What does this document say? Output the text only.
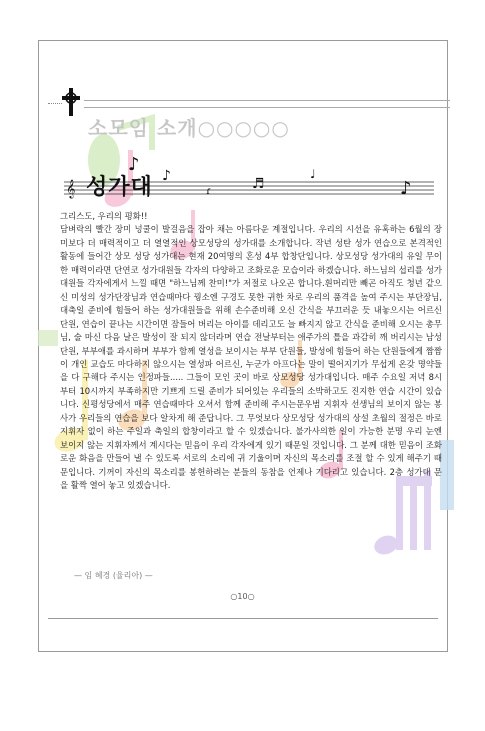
소모임 소개○○○○○
𝄞
♪
♪
ɾ	♬
♩
♪
성가대

그리스도, 우리의 평화!!

담벼락의 빨간 장미 넝쿨이 발걸음을 잡아 채는 아름다운 계절입니다. 우리의 시선을 유혹하는 6월의 장미보다 더 매력적이고 더 열열적인 상모성당의 성가대를 소개합니다. 작년 성탄 성가 연습으로 본격적인 활동에 들어간 상모 성당 성가대는 현재 20여명의 혼성 4부 합창단입니다. 상모성당 성가대의 유일 무이한 매력이라면 단연코 성가대원들 각자의 다양하고 조화로운 모습이라 하겠습니다. 하느님의 섭리를 성가대원들 각자에게서 느낄 때면 "하느님께 찬미!"가 저절로 나오곤 합니다.흰머리만 빼곤 아직도 청년 같으신 미성의 성가단장님과 연습때마다 꿩소엔 구경도 못한 귀한 차로 우리의 품격을 높여 주시는 부단장님, 대축일 준비에 힘들어 하는 성가대원들을 위해 손수준비해 오신 간식을 부끄러운 듯 내놓으시는 어르신 단원, 연습이 끝나는 시간이면 잠들어 버리는 아이를 데리고도 늘 빠지지 않고 간식을 준비해 오시는 총무님, 술 마신 다음 날은 발성이 잘 되지 않더라며 연습 전날부터는 애주가의 틀을 과감히 깨 버리시는 남성 단원, 부부애를 과시하며 부부가 함께 열성을 보이시는 부부 단원들, 발성에 힘들어 하는 단원들에게 짬짬이 개인 교습도 마다하지 않으시는 열성파 어르신, 누군가 아프다는 말이 떨어지기가 무섭게 온갖 명약들을 다 구해다 주시는 인정파들..... 그들이 모인 곳이 바로 상모성당 성가대입니다. 매주 수요일 저녁 8시부터 10시까지 부족하지만 기쁘게 드릴 준비가 되어있는 우리들의 소박하고도 진지한 연습 시간이 있습니다. 신평성당에서 매주 연습때마다 오셔서 함께 준비해 주시는문우범 지휘자 선생님의 보이지 않는 봉사가 우리들의 연습을 보다 알차게 해 준답니다. 그 무엇보다 상모성당 성가대의 상설 초월의 절정은 바로 지휘자 없이 하는 주일과 축일의 합창이라고 할 수 있겠습니다. 불가사의한 일이 가능한 분명 우리 눈엔 보이지 않는 지휘자께서 계시다는 믿음이 우리 각자에게 있기 때문일 것입니다. 그 분께 대한 믿음이 조화로운 화음을 만들어 낼 수 있도록 서로의 소리에 귀 기울이며 자신의 목소리를 조절 할 수 있게 해주기 때문입니다. 기꺼이 자신의 목소리를 봉헌하려는 분들의 동참을 언제나 기다리고 있습니다. 2층 성가대 문을 활짝 열어 놓고 있겠습니다.

— 임 혜경 (율리아) —
○10○
